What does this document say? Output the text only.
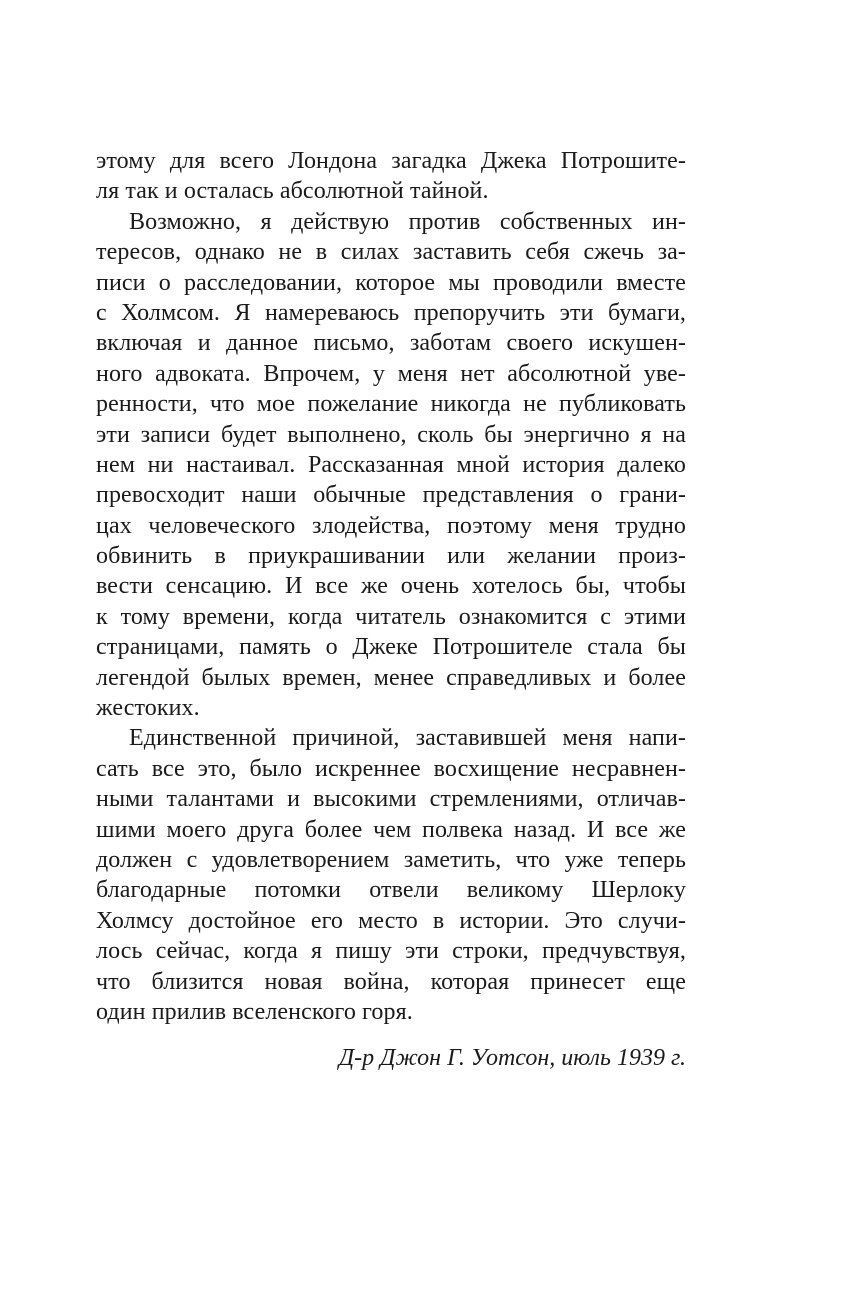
этому для всего Лондона загадка Джека Потрошите-
ля так и осталась абсолютной тайной.
Возможно, я действую против собственных ин-
тересов, однако не в силах заставить себя сжечь за-
писи о расследовании, которое мы проводили вместе
с Холмсом. Я намереваюсь препоручить эти бумаги,
включая и данное письмо, заботам своего искушен-
ного адвоката. Впрочем, у меня нет абсолютной уве-
ренности, что мое пожелание никогда не публиковать
эти записи будет выполнено, сколь бы энергично я на
нем ни настаивал. Рассказанная мной история далеко
превосходит наши обычные представления о грани-
цах человеческого злодейства, поэтому меня трудно
обвинить в приукрашивании или желании произ-
вести сенсацию. И все же очень хотелось бы, чтобы
к тому времени, когда читатель ознакомится с этими
страницами, память о Джеке Потрошителе стала бы
легендой былых времен, менее справедливых и более
жестоких.
Единственной причиной, заставившей меня напи-
сать все это, было искреннее восхищение несравнен-
ными талантами и высокими стремлениями, отличав-
шими моего друга более чем полвека назад. И все же
должен с удовлетворением заметить, что уже теперь
благодарные потомки отвели великому Шерлоку
Холмсу достойное его место в истории. Это случи-
лось сейчас, когда я пишу эти строки, предчувствуя,
что близится новая война, которая принесет еще
один прилив вселенского горя.
Д-р Джон Г. Уотсон, июль 1939 г.
